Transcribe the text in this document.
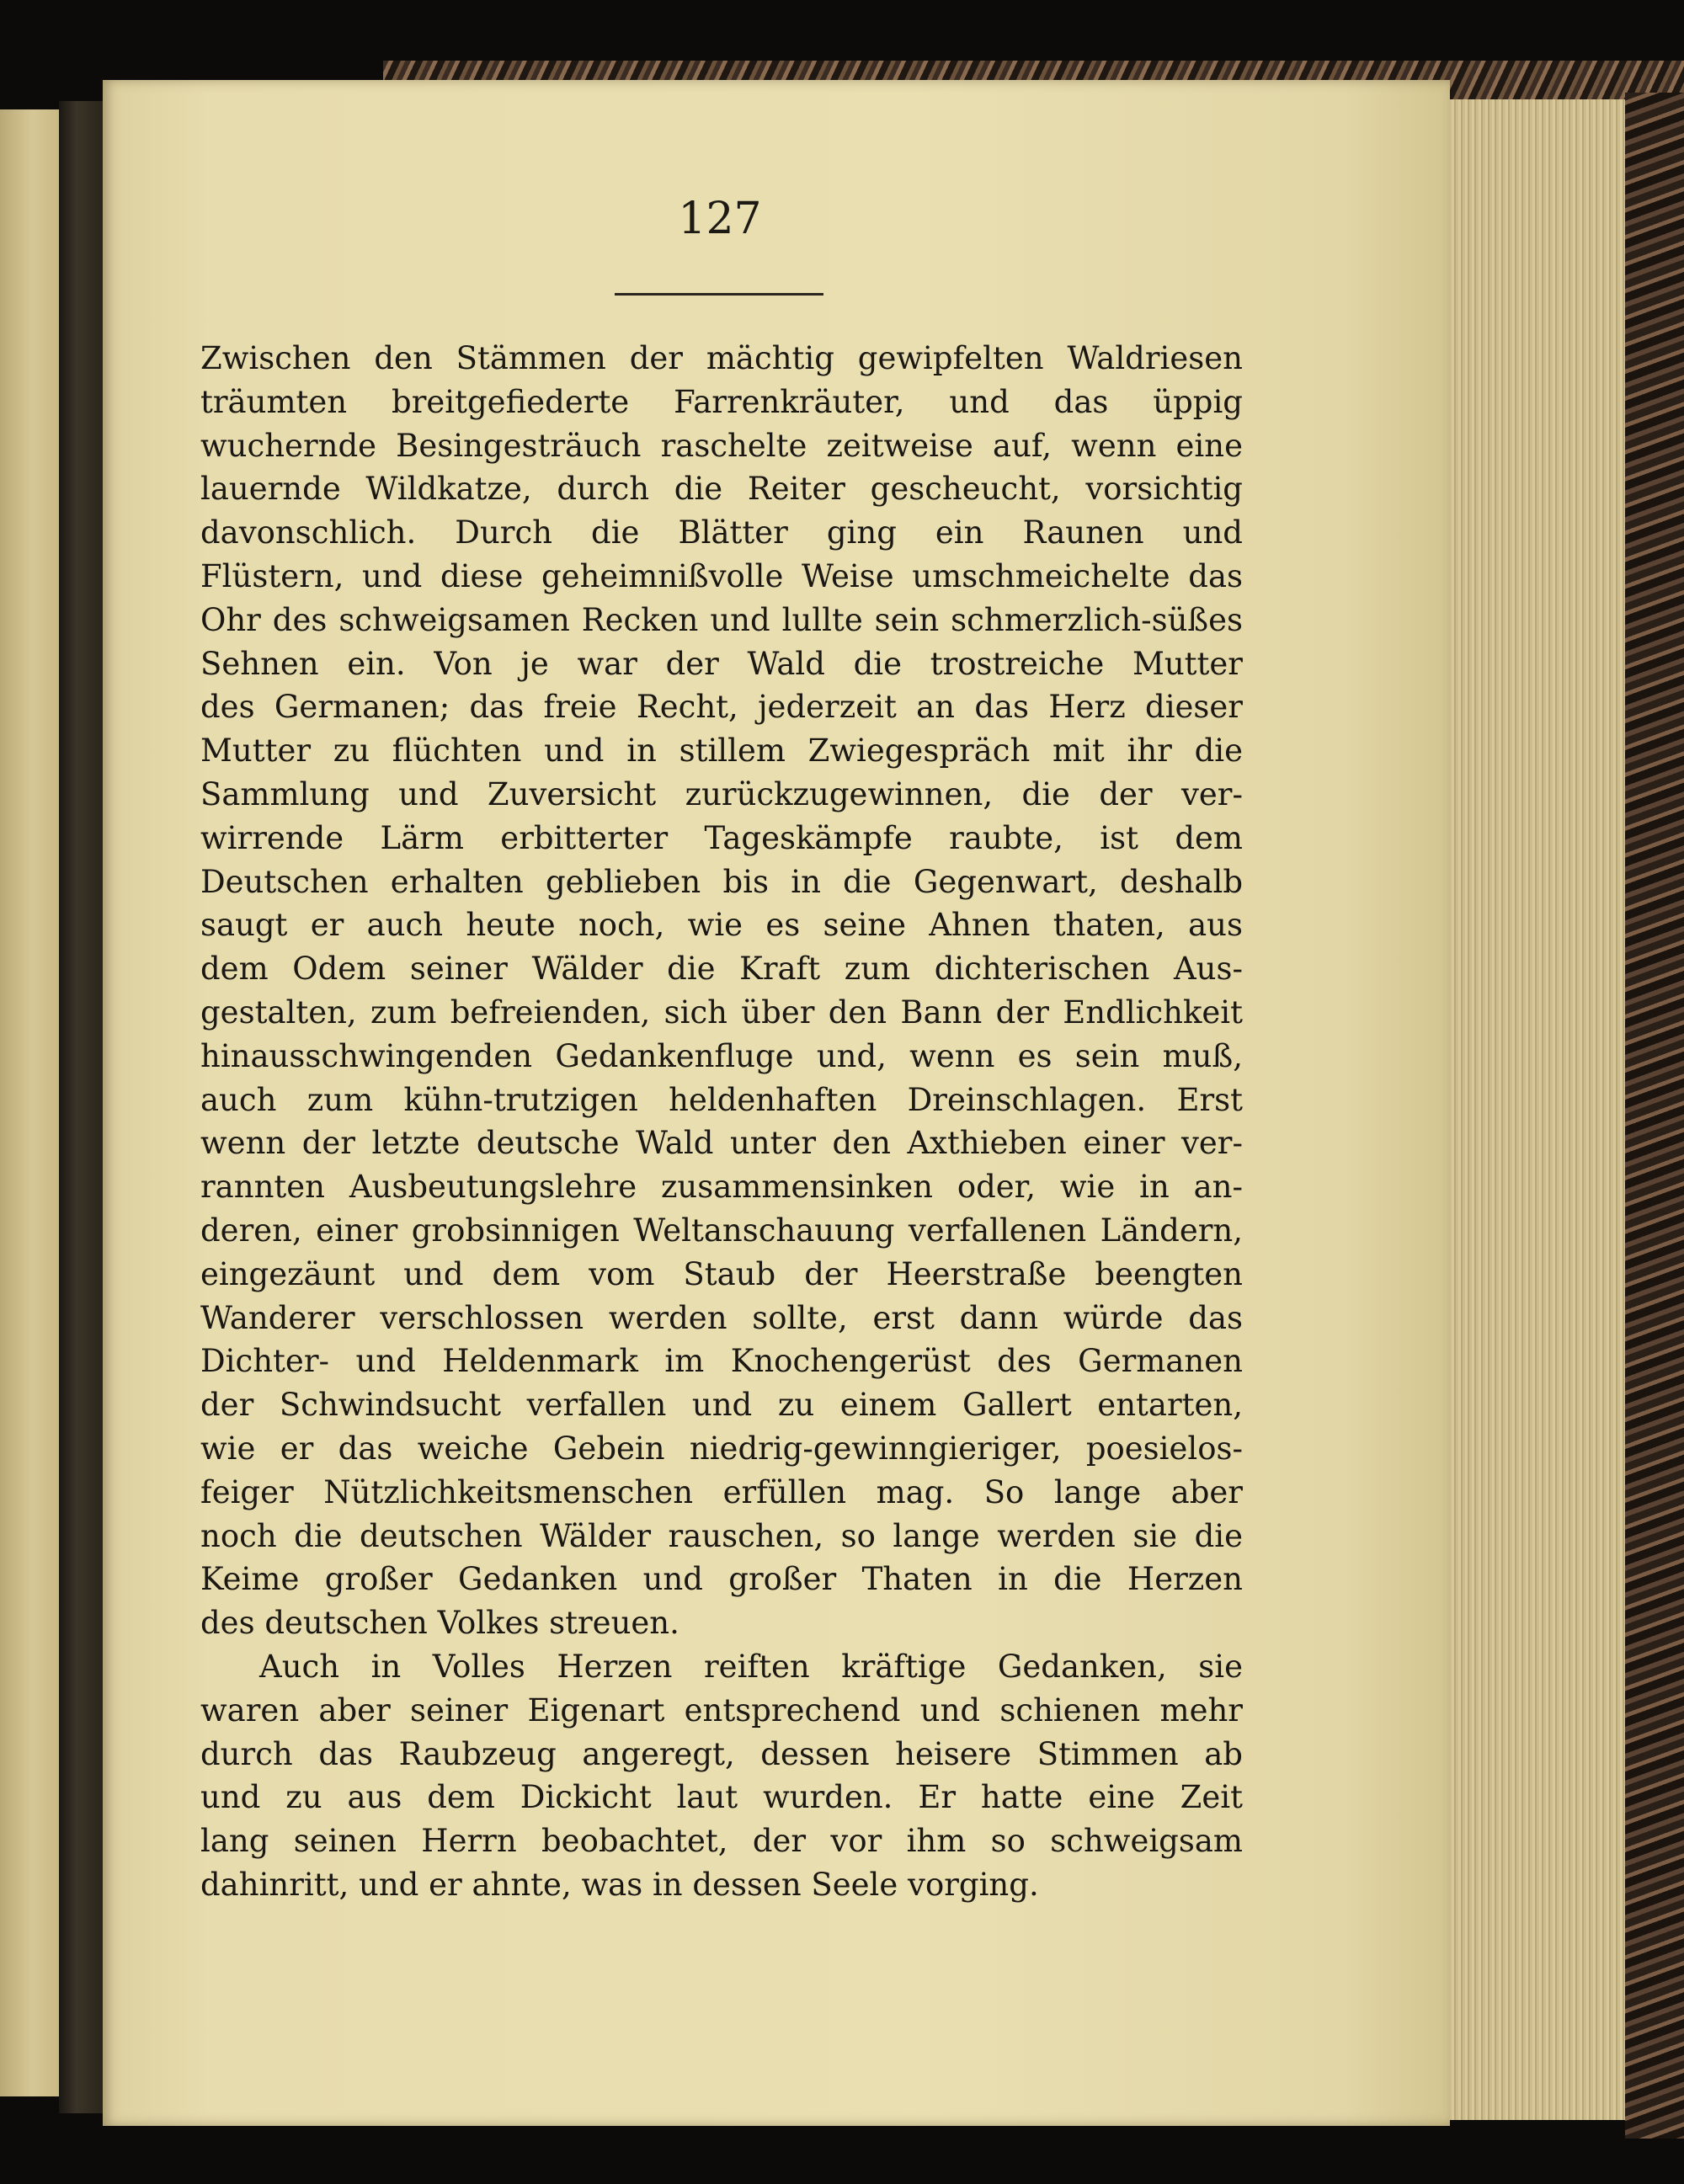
127
Zwischen den Stämmen der mächtig gewipfelten Waldriesen
träumten breitgefiederte Farrenkräuter, und das üppig
wuchernde Besingesträuch raschelte zeitweise auf, wenn eine
lauernde Wildkatze, durch die Reiter gescheucht, vorsichtig
davonschlich. Durch die Blätter ging ein Raunen und
Flüstern, und diese geheimnißvolle Weise umschmeichelte das
Ohr des schweigsamen Recken und lullte sein schmerzlich-süßes
Sehnen ein. Von je war der Wald die trostreiche Mutter
des Germanen; das freie Recht, jederzeit an das Herz dieser
Mutter zu flüchten und in stillem Zwiegespräch mit ihr die
Sammlung und Zuversicht zurückzugewinnen, die der ver-
wirrende Lärm erbitterter Tageskämpfe raubte, ist dem
Deutschen erhalten geblieben bis in die Gegenwart, deshalb
saugt er auch heute noch, wie es seine Ahnen thaten, aus
dem Odem seiner Wälder die Kraft zum dichterischen Aus-
gestalten, zum befreienden, sich über den Bann der Endlichkeit
hinausschwingenden Gedankenfluge und, wenn es sein muß,
auch zum kühn-trutzigen heldenhaften Dreinschlagen. Erst
wenn der letzte deutsche Wald unter den Axthieben einer ver-
rannten Ausbeutungslehre zusammensinken oder, wie in an-
deren, einer grobsinnigen Weltanschauung verfallenen Ländern,
eingezäunt und dem vom Staub der Heerstraße beengten
Wanderer verschlossen werden sollte, erst dann würde das
Dichter- und Heldenmark im Knochengerüst des Germanen
der Schwindsucht verfallen und zu einem Gallert entarten,
wie er das weiche Gebein niedrig-gewinngieriger, poesielos-
feiger Nützlichkeitsmenschen erfüllen mag. So lange aber
noch die deutschen Wälder rauschen, so lange werden sie die
Keime großer Gedanken und großer Thaten in die Herzen
des deutschen Volkes streuen.
Auch in Volles Herzen reiften kräftige Gedanken, sie
waren aber seiner Eigenart entsprechend und schienen mehr
durch das Raubzeug angeregt, dessen heisere Stimmen ab
und zu aus dem Dickicht laut wurden. Er hatte eine Zeit
lang seinen Herrn beobachtet, der vor ihm so schweigsam
dahinritt, und er ahnte, was in dessen Seele vorging.
